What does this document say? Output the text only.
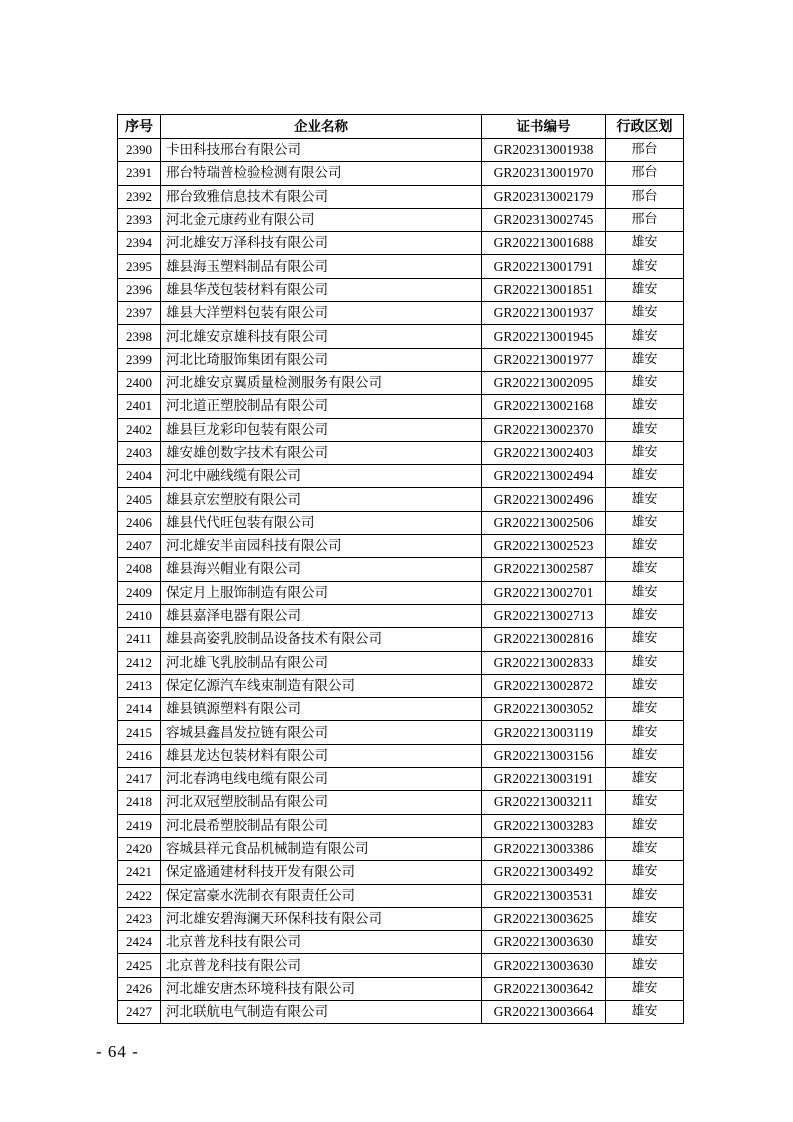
序号	企业名称	证书编号	行政区划
2390	卡田科技邢台有限公司	GR202313001938	邢台
2391	邢台特瑞普检验检测有限公司	GR202313001970	邢台
2392	邢台致雅信息技术有限公司	GR202313002179	邢台
2393	河北金元康药业有限公司	GR202313002745	邢台
2394	河北雄安万泽科技有限公司	GR202213001688	雄安
2395	雄县海玉塑料制品有限公司	GR202213001791	雄安
2396	雄县华茂包装材料有限公司	GR202213001851	雄安
2397	雄县大洋塑料包装有限公司	GR202213001937	雄安
2398	河北雄安京雄科技有限公司	GR202213001945	雄安
2399	河北比琦服饰集团有限公司	GR202213001977	雄安
2400	河北雄安京翼质量检测服务有限公司	GR202213002095	雄安
2401	河北道正塑胶制品有限公司	GR202213002168	雄安
2402	雄县巨龙彩印包装有限公司	GR202213002370	雄安
2403	雄安雄创数字技术有限公司	GR202213002403	雄安
2404	河北中融线缆有限公司	GR202213002494	雄安
2405	雄县京宏塑胶有限公司	GR202213002496	雄安
2406	雄县代代旺包装有限公司	GR202213002506	雄安
2407	河北雄安半亩园科技有限公司	GR202213002523	雄安
2408	雄县海兴帽业有限公司	GR202213002587	雄安
2409	保定月上服饰制造有限公司	GR202213002701	雄安
2410	雄县嘉泽电器有限公司	GR202213002713	雄安
2411	雄县高姿乳胶制品设备技术有限公司	GR202213002816	雄安
2412	河北雄飞乳胶制品有限公司	GR202213002833	雄安
2413	保定亿源汽车线束制造有限公司	GR202213002872	雄安
2414	雄县镇源塑料有限公司	GR202213003052	雄安
2415	容城县鑫昌发拉链有限公司	GR202213003119	雄安
2416	雄县龙达包装材料有限公司	GR202213003156	雄安
2417	河北春鸿电线电缆有限公司	GR202213003191	雄安
2418	河北双冠塑胶制品有限公司	GR202213003211	雄安
2419	河北晨希塑胶制品有限公司	GR202213003283	雄安
2420	容城县祥元食品机械制造有限公司	GR202213003386	雄安
2421	保定盛通建材科技开发有限公司	GR202213003492	雄安
2422	保定富豪水洗制衣有限责任公司	GR202213003531	雄安
2423	河北雄安碧海澜天环保科技有限公司	GR202213003625	雄安
2424	北京普龙科技有限公司	GR202213003630	雄安
2425	北京普龙科技有限公司	GR202213003630	雄安
2426	河北雄安唐杰环境科技有限公司	GR202213003642	雄安
2427	河北联航电气制造有限公司	GR202213003664	雄安
- 64 -
